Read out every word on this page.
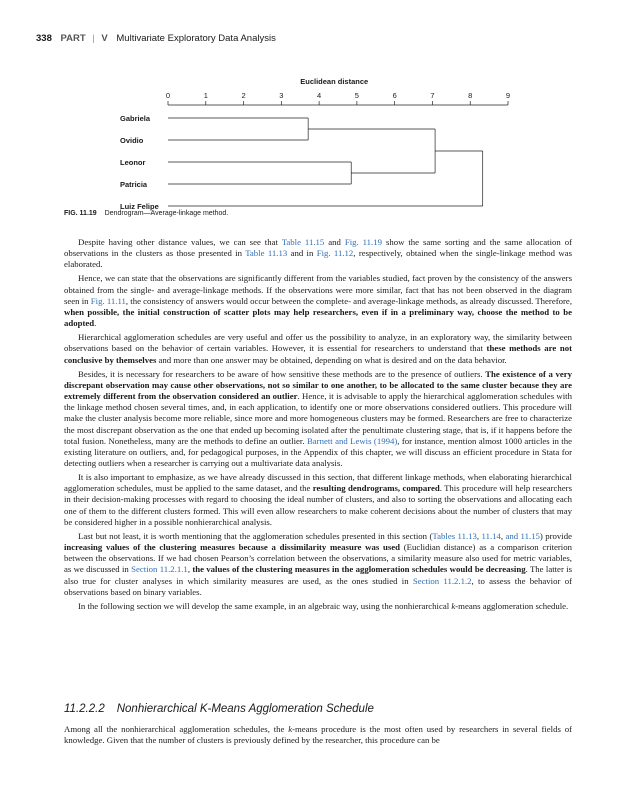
338 PART | V Multivariate Exploratory Data Analysis
Euclidean distance
0	1	2	3	4	5	6	7	8	9
Gabriela
Ovidio
Leonor
Patricia
Luiz Felipe
FIG. 11.19 Dendrogram—Average-linkage method.

Despite having other distance values, we can see that Table 11.15 and Fig. 11.19 show the same sorting and the same allocation of observations in the clusters as those presented in Table 11.13 and in Fig. 11.12, respectively, obtained when the single-linkage method was elaborated.

Hence, we can state that the observations are significantly different from the variables studied, fact proven by the consistency of the answers obtained from the single- and average-linkage methods. If the observations were more similar, fact that has not been observed in the diagram seen in Fig. 11.11, the consistency of answers would occur between the complete- and average-linkage methods, as already discussed. Therefore, when possible, the initial construction of scatter plots may help researchers, even if in a preliminary way, choose the method to be adopted.

Hierarchical agglomeration schedules are very useful and offer us the possibility to analyze, in an exploratory way, the similarity between observations based on the behavior of certain variables. However, it is essential for researchers to understand that these methods are not conclusive by themselves and more than one answer may be obtained, depending on what is desired and on the data behavior.

Besides, it is necessary for researchers to be aware of how sensitive these methods are to the presence of outliers. The existence of a very discrepant observation may cause other observations, not so similar to one another, to be allocated to the same cluster because they are extremely different from the observation considered an outlier. Hence, it is advisable to apply the hierarchical agglomeration schedules with the linkage method chosen several times, and, in each application, to identify one or more observations considered outliers. This procedure will make the cluster analysis become more reliable, since more and more homogeneous clusters may be formed. Researchers are free to characterize the most discrepant observation as the one that ended up becoming isolated after the penultimate clustering stage, that is, if it happens before the total fusion. Nonetheless, many are the methods to define an outlier. Barnett and Lewis (1994), for instance, mention almost 1000 articles in the existing literature on outliers, and, for pedagogical purposes, in the Appendix of this chapter, we will discuss an efficient procedure in Stata for detecting outliers when a researcher is carrying out a multivariate data analysis.

It is also important to emphasize, as we have already discussed in this section, that different linkage methods, when elaborating hierarchical agglomeration schedules, must be applied to the same dataset, and the resulting dendrograms, compared. This procedure will help researchers in their decision-making processes with regard to choosing the ideal number of clusters, and also to sorting the observations and allocating each one of them to the different clusters formed. This will even allow researchers to make coherent decisions about the number of clusters that may be considered higher in a possible nonhierarchical analysis.

Last but not least, it is worth mentioning that the agglomeration schedules presented in this section (Tables 11.13, 11.14, and 11.15) provide increasing values of the clustering measures because a dissimilarity measure was used (Euclidian distance) as a comparison criterion between the observations. If we had chosen Pearson’s correlation between the observations, a similarity measure also used for metric variables, as we discussed in Section 11.2.1.1, the values of the clustering measures in the agglomeration schedules would be decreasing. The latter is also true for cluster analyses in which similarity measures are used, as the ones studied in Section 11.2.1.2, to assess the behavior of observations based on binary variables.

In the following section we will develop the same example, in an algebraic way, using the nonhierarchical k-means agglomeration schedule.

11.2.2.2 Nonhierarchical K-Means Agglomeration Schedule

Among all the nonhierarchical agglomeration schedules, the k-means procedure is the most often used by researchers in several fields of knowledge. Given that the number of clusters is previously defined by the researcher, this procedure can be
